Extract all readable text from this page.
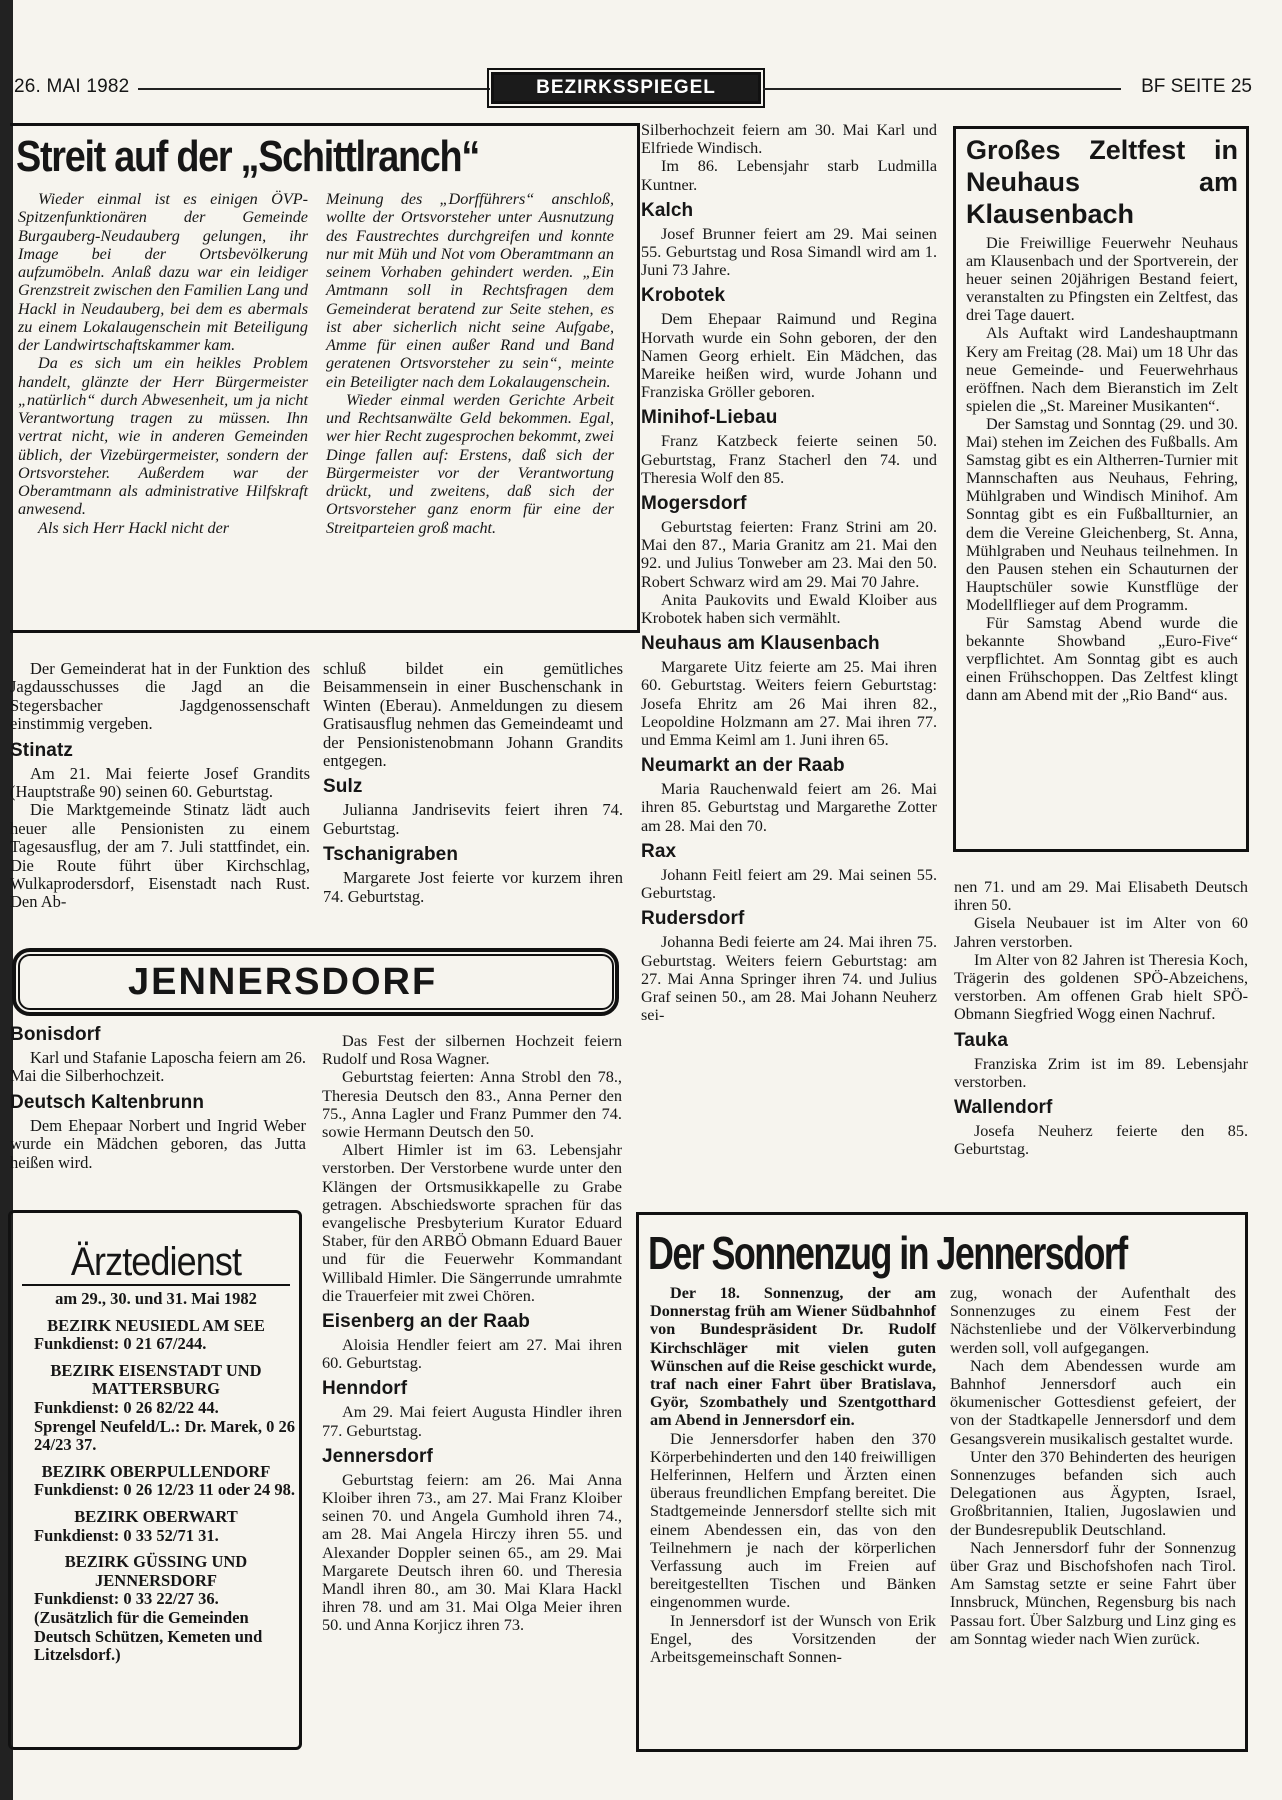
26. MAI 1982	BEZIRKSSPIEGEL	BF SEITE 25
Streit auf der „Schittlranch“

Wieder einmal ist es einigen ÖVP-Spitzenfunktionären der Gemeinde Burgauberg-Neudauberg gelungen, ihr Image bei der Ortsbevölkerung aufzumöbeln. Anlaß dazu war ein leidiger Grenzstreit zwischen den Familien Lang und Hackl in Neudauberg, bei dem es abermals zu einem Lokalaugenschein mit Beteiligung der Landwirtschaftskammer kam.

Da es sich um ein heikles Problem handelt, glänzte der Herr Bürgermeister „natürlich“ durch Abwesenheit, um ja nicht Verantwortung tragen zu müssen. Ihn vertrat nicht, wie in anderen Gemeinden üblich, der Vizebürgermeister, sondern der Ortsvorsteher. Außerdem war der Oberamtmann als administrative Hilfskraft anwesend.

Als sich Herr Hackl nicht der

Meinung des „Dorfführers“ anschloß, wollte der Ortsvorsteher unter Ausnutzung des Faustrechtes durchgreifen und konnte nur mit Müh und Not vom Oberamtmann an seinem Vorhaben gehindert werden. „Ein Amtmann soll in Rechtsfragen dem Gemeinderat beratend zur Seite stehen, es ist aber sicherlich nicht seine Aufgabe, Amme für einen außer Rand und Band geratenen Ortsvorsteher zu sein“, meinte ein Beteiligter nach dem Lokalaugenschein.

Wieder einmal werden Gerichte Arbeit und Rechtsanwälte Geld bekommen. Egal, wer hier Recht zugesprochen bekommt, zwei Dinge fallen auf: Erstens, daß sich der Bürgermeister vor der Verantwortung drückt, und zweitens, daß sich der Ortsvorsteher ganz enorm für eine der Streitparteien groß macht.

Der Gemeinderat hat in der Funktion des Jagdausschusses die Jagd an die Stegersbacher Jagdgenossenschaft einstimmig vergeben.

Stinatz

Am 21. Mai feierte Josef Grandits (Hauptstraße 90) seinen 60. Geburtstag.

Die Marktgemeinde Stinatz lädt auch heuer alle Pensionisten zu einem Tagesausflug, der am 7. Juli stattfindet, ein. Die Route führt über Kirchschlag, Wulkaprodersdorf, Eisenstadt nach Rust. Den Ab-

schluß bildet ein gemütliches Beisammensein in einer Buschenschank in Winten (Eberau). Anmeldungen zu diesem Gratisausflug nehmen das Gemeindeamt und der Pensionistenobmann Johann Grandits entgegen.

Sulz

Julianna Jandrisevits feiert ihren 74. Geburtstag.

Tschanigraben

Margarete Jost feierte vor kurzem ihren 74. Geburtstag.

Silberhochzeit feiern am 30. Mai Karl und Elfriede Windisch.

Im 86. Lebensjahr starb Ludmilla Kuntner.

Kalch

Josef Brunner feiert am 29. Mai seinen 55. Geburtstag und Rosa Simandl wird am 1. Juni 73 Jahre.

Krobotek

Dem Ehepaar Raimund und Regina Horvath wurde ein Sohn geboren, der den Namen Georg erhielt. Ein Mädchen, das Mareike heißen wird, wurde Johann und Franziska Gröller geboren.

Minihof-Liebau

Franz Katzbeck feierte seinen 50. Geburtstag, Franz Stacherl den 74. und Theresia Wolf den 85.

Mogersdorf

Geburtstag feierten: Franz Strini am 20. Mai den 87., Maria Granitz am 21. Mai den 92. und Julius Tonweber am 23. Mai den 50. Robert Schwarz wird am 29. Mai 70 Jahre.

Anita Paukovits und Ewald Kloiber aus Krobotek haben sich vermählt.

Neuhaus am Klausenbach

Margarete Uitz feierte am 25. Mai ihren 60. Geburtstag. Weiters feiern Geburtstag: Josefa Ehritz am 26 Mai ihren 82., Leopoldine Holzmann am 27. Mai ihren 77. und Emma Keiml am 1. Juni ihren 65.

Neumarkt an der Raab

Maria Rauchenwald feiert am 26. Mai ihren 85. Geburtstag und Margarethe Zotter am 28. Mai den 70.

Rax

Johann Feitl feiert am 29. Mai seinen 55. Geburtstag.

Rudersdorf

Johanna Bedi feierte am 24. Mai ihren 75. Geburtstag. Weiters feiern Geburtstag: am 27. Mai Anna Springer ihren 74. und Julius Graf seinen 50., am 28. Mai Johann Neuherz sei-

Großes Zeltfest in Neuhaus am Klausenbach

Die Freiwillige Feuerwehr Neuhaus am Klausenbach und der Sportverein, der heuer seinen 20jährigen Bestand feiert, veranstalten zu Pfingsten ein Zeltfest, das drei Tage dauert.

Als Auftakt wird Landeshauptmann Kery am Freitag (28. Mai) um 18 Uhr das neue Gemeinde- und Feuerwehrhaus eröffnen. Nach dem Bieranstich im Zelt spielen die „St. Mareiner Musikanten“.

Der Samstag und Sonntag (29. und 30. Mai) stehen im Zeichen des Fußballs. Am Samstag gibt es ein Altherren-Turnier mit Mannschaften aus Neuhaus, Fehring, Mühlgraben und Windisch Minihof. Am Sonntag gibt es ein Fußballturnier, an dem die Vereine Gleichenberg, St. Anna, Mühlgraben und Neuhaus teilnehmen. In den Pausen stehen ein Schauturnen der Hauptschüler sowie Kunstflüge der Modellflieger auf dem Programm.

Für Samstag Abend wurde die bekannte Showband „Euro-Five“ verpflichtet. Am Sonntag gibt es auch einen Frühschoppen. Das Zeltfest klingt dann am Abend mit der „Rio Band“ aus.

nen 71. und am 29. Mai Elisabeth Deutsch ihren 50.

Gisela Neubauer ist im Alter von 60 Jahren verstorben.

Im Alter von 82 Jahren ist Theresia Koch, Trägerin des goldenen SPÖ-Abzeichens, verstorben. Am offenen Grab hielt SPÖ-Obmann Siegfried Wogg einen Nachruf.

Tauka

Franziska Zrim ist im 89. Lebensjahr verstorben.

Wallendorf

Josefa Neuherz feierte den 85. Geburtstag.

JENNERSDORF
Bonisdorf

Karl und Stafanie Laposcha feiern am 26. Mai die Silberhochzeit.

Deutsch Kaltenbrunn

Dem Ehepaar Norbert und Ingrid Weber wurde ein Mädchen geboren, das Jutta heißen wird.

Das Fest der silbernen Hochzeit feiern Rudolf und Rosa Wagner.

Geburtstag feierten: Anna Strobl den 78., Theresia Deutsch den 83., Anna Perner den 75., Anna Lagler und Franz Pummer den 74. sowie Hermann Deutsch den 50.

Albert Himler ist im 63. Lebensjahr verstorben. Der Verstorbene wurde unter den Klängen der Ortsmusikkapelle zu Grabe getragen. Abschiedsworte sprachen für das evangelische Presbyterium Kurator Eduard Staber, für den ARBÖ Obmann Eduard Bauer und für die Feuerwehr Kommandant Willibald Himler. Die Sängerrunde umrahmte die Trauerfeier mit zwei Chören.

Eisenberg an der Raab

Aloisia Hendler feiert am 27. Mai ihren 60. Geburtstag.

Henndorf

Am 29. Mai feiert Augusta Hindler ihren 77. Geburtstag.

Jennersdorf

Geburtstag feiern: am 26. Mai Anna Kloiber ihren 73., am 27. Mai Franz Kloiber seinen 70. und Angela Gumhold ihren 74., am 28. Mai Angela Hirczy ihren 55. und Alexander Doppler seinen 65., am 29. Mai Margarete Deutsch ihren 60. und Theresia Mandl ihren 80., am 30. Mai Klara Hackl ihren 78. und am 31. Mai Olga Meier ihren 50. und Anna Korjicz ihren 73.

Ärztedienst
am 29., 30. und 31. Mai 1982
BEZIRK NEUSIEDL AM SEE
Funkdienst: 0 21 67/244.
BEZIRK EISENSTADT UND MATTERSBURG
Funkdienst: 0 26 82/22 44.
Sprengel Neufeld/L.: Dr. Marek, 0 26 24/23 37.
BEZIRK OBERPULLENDORF
Funkdienst: 0 26 12/23 11 oder 24 98.
BEZIRK OBERWART
Funkdienst: 0 33 52/71 31.
BEZIRK GÜSSING UND JENNERSDORF
Funkdienst: 0 33 22/27 36.
(Zusätzlich für die Gemeinden Deutsch Schützen, Kemeten und Litzelsdorf.)
Der Sonnenzug in Jennersdorf

Der 18. Sonnenzug, der am Donnerstag früh am Wiener Südbahnhof von Bundespräsident Dr. Rudolf Kirchschläger mit vielen guten Wünschen auf die Reise geschickt wurde, traf nach einer Fahrt über Bratislava, Györ, Szombathely und Szentgotthard am Abend in Jennersdorf ein.

Die Jennersdorfer haben den 370 Körperbehinderten und den 140 freiwilligen Helferinnen, Helfern und Ärzten einen überaus freundlichen Empfang bereitet. Die Stadtgemeinde Jennersdorf stellte sich mit einem Abendessen ein, das von den Teilnehmern je nach der körperlichen Verfassung auch im Freien auf bereitgestellten Tischen und Bänken eingenommen wurde.

In Jennersdorf ist der Wunsch von Erik Engel, des Vorsitzenden der Arbeitsgemeinschaft Sonnen-

zug, wonach der Aufenthalt des Sonnenzuges zu einem Fest der Nächstenliebe und der Völkerverbindung werden soll, voll aufgegangen.

Nach dem Abendessen wurde am Bahnhof Jennersdorf auch ein ökumenischer Gottesdienst gefeiert, der von der Stadtkapelle Jennersdorf und dem Gesangsverein musikalisch gestaltet wurde.

Unter den 370 Behinderten des heurigen Sonnenzuges befanden sich auch Delegationen aus Ägypten, Israel, Großbritannien, Italien, Jugoslawien und der Bundesrepublik Deutschland.

Nach Jennersdorf fuhr der Sonnenzug über Graz und Bischofshofen nach Tirol. Am Samstag setzte er seine Fahrt über Innsbruck, München, Regensburg bis nach Passau fort. Über Salzburg und Linz ging es am Sonntag wieder nach Wien zurück.
